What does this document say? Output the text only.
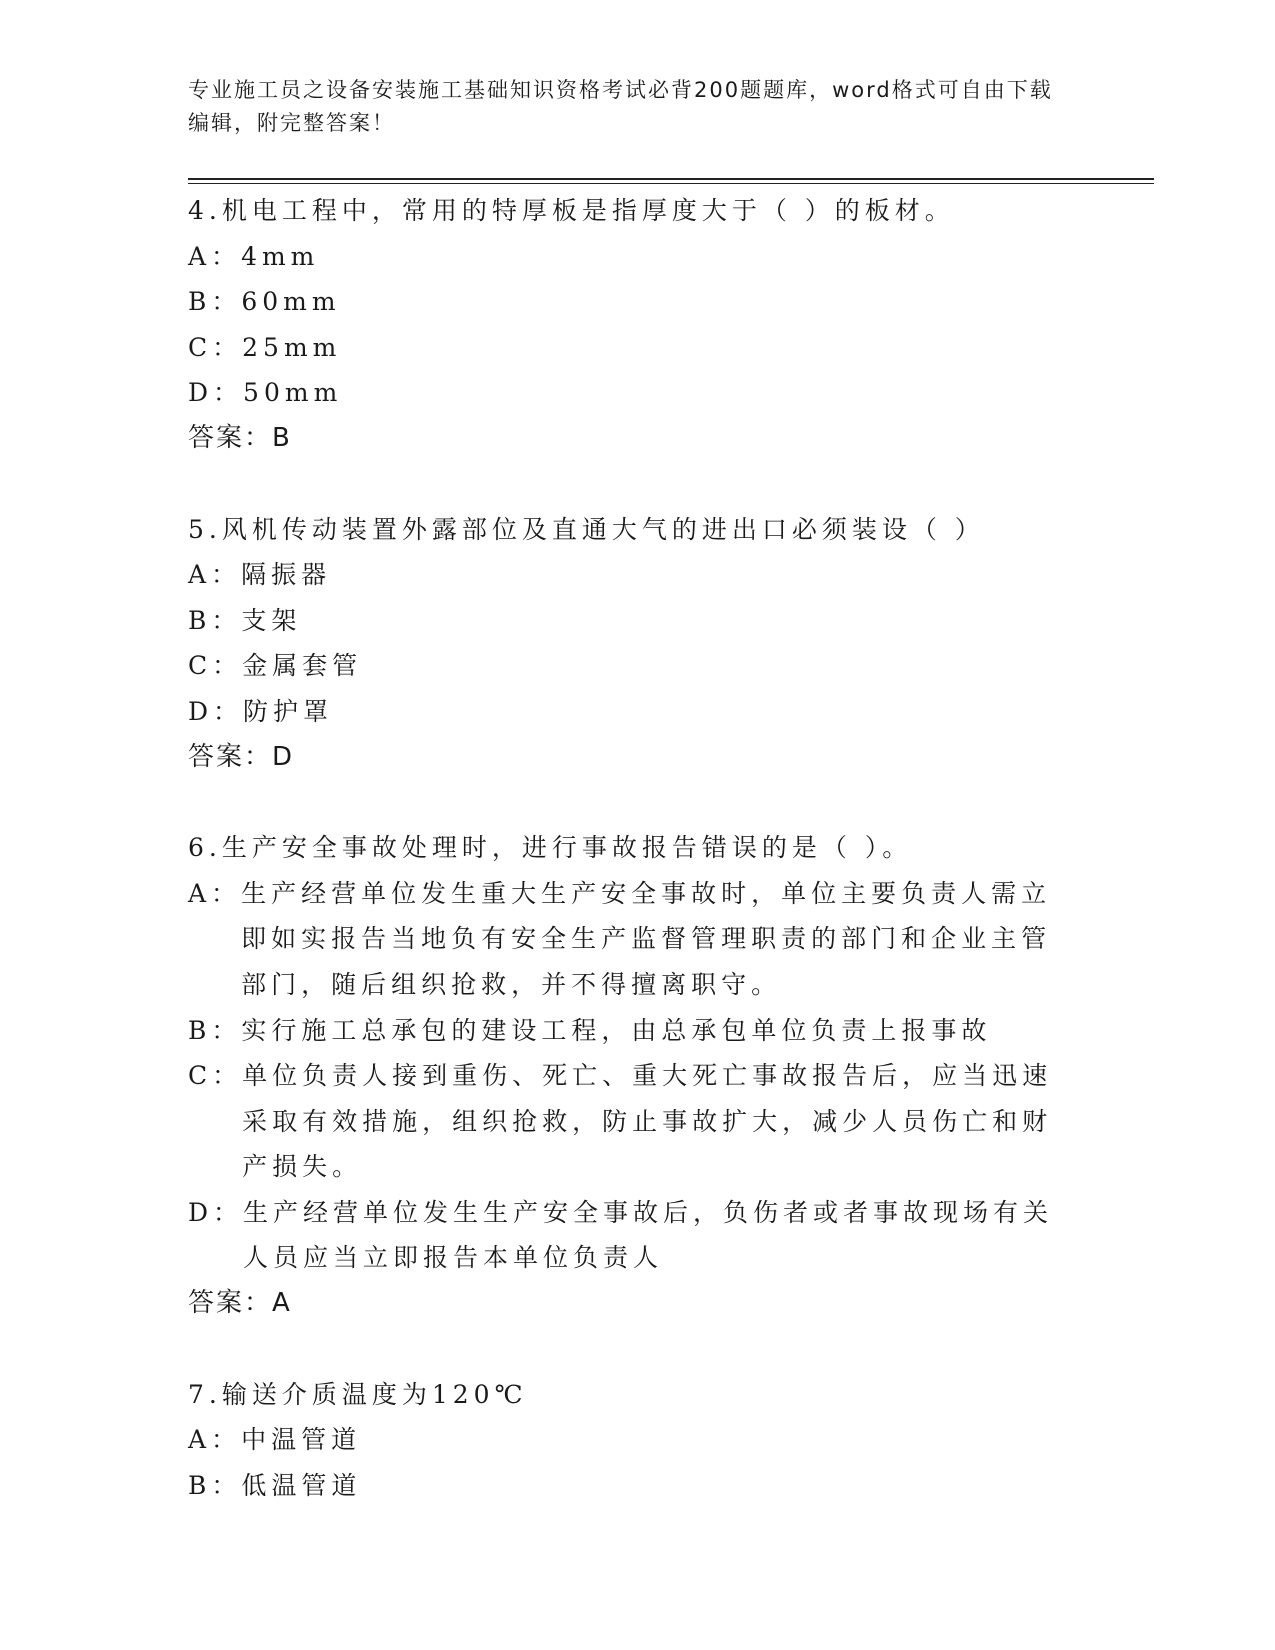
专业施工员之设备安装施工基础知识资格考试必背200题题库，word格式可自由下载编辑，附完整答案！
4.机电工程中，常用的特厚板是指厚度大于（ ）的板材。
A： 4mm
B： 60mm
C： 25mm
D： 50mm
答案：B
5.风机传动装置外露部位及直通大气的进出口必须装设（ ）
A： 隔振器
B： 支架
C： 金属套管
D： 防护罩
答案：D
6.生产安全事故处理时，进行事故报告错误的是（ ）。
A： 生产经营单位发生重大生产安全事故时，单位主要负责人需立即如实报告当地负有安全生产监督管理职责的部门和企业主管部门，随后组织抢救，并不得擅离职守。
B： 实行施工总承包的建设工程，由总承包单位负责上报事故
C： 单位负责人接到重伤、死亡、重大死亡事故报告后，应当迅速采取有效措施，组织抢救，防止事故扩大，减少人员伤亡和财产损失。
D： 生产经营单位发生生产安全事故后，负伤者或者事故现场有关人员应当立即报告本单位负责人
答案：A
7.输送介质温度为120℃
A： 中温管道
B： 低温管道
